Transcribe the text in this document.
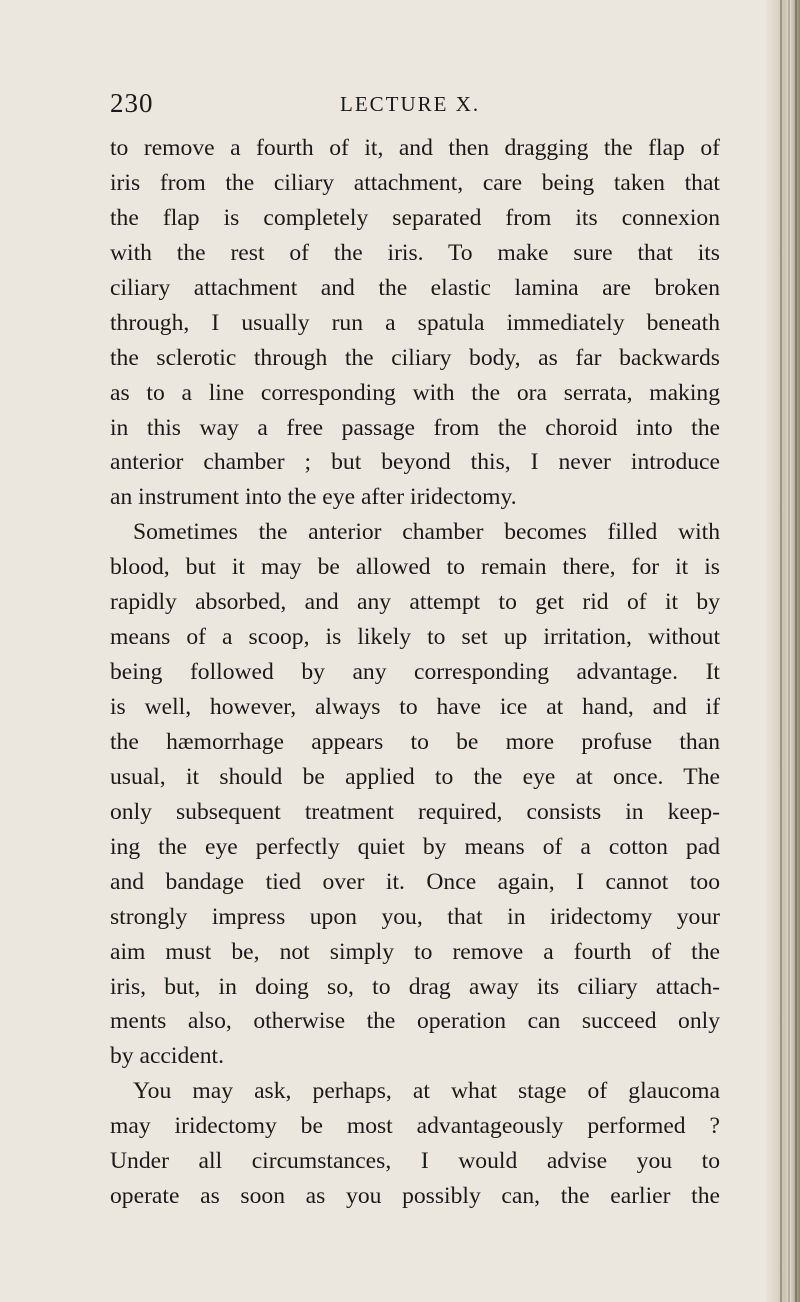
230	LECTURE X.
to remove a fourth of it, and then dragging the flap of
iris from the ciliary attachment, care being taken that
the flap is completely separated from its connexion
with the rest of the iris. To make sure that its
ciliary attachment and the elastic lamina are broken
through, I usually run a spatula immediately beneath
the sclerotic through the ciliary body, as far backwards
as to a line corresponding with the ora serrata, making
in this way a free passage from the choroid into the
anterior chamber ; but beyond this, I never introduce
an instrument into the eye after iridectomy.
Sometimes the anterior chamber becomes filled with
blood, but it may be allowed to remain there, for it is
rapidly absorbed, and any attempt to get rid of it by
means of a scoop, is likely to set up irritation, without
being followed by any corresponding advantage. It
is well, however, always to have ice at hand, and if
the hæmorrhage appears to be more profuse than
usual, it should be applied to the eye at once. The
only subsequent treatment required, consists in keep-
ing the eye perfectly quiet by means of a cotton pad
and bandage tied over it. Once again, I cannot too
strongly impress upon you, that in iridectomy your
aim must be, not simply to remove a fourth of the
iris, but, in doing so, to drag away its ciliary attach-
ments also, otherwise the operation can succeed only
by accident.
You may ask, perhaps, at what stage of glaucoma
may iridectomy be most advantageously performed ?
Under all circumstances, I would advise you to
operate as soon as you possibly can, the earlier the
